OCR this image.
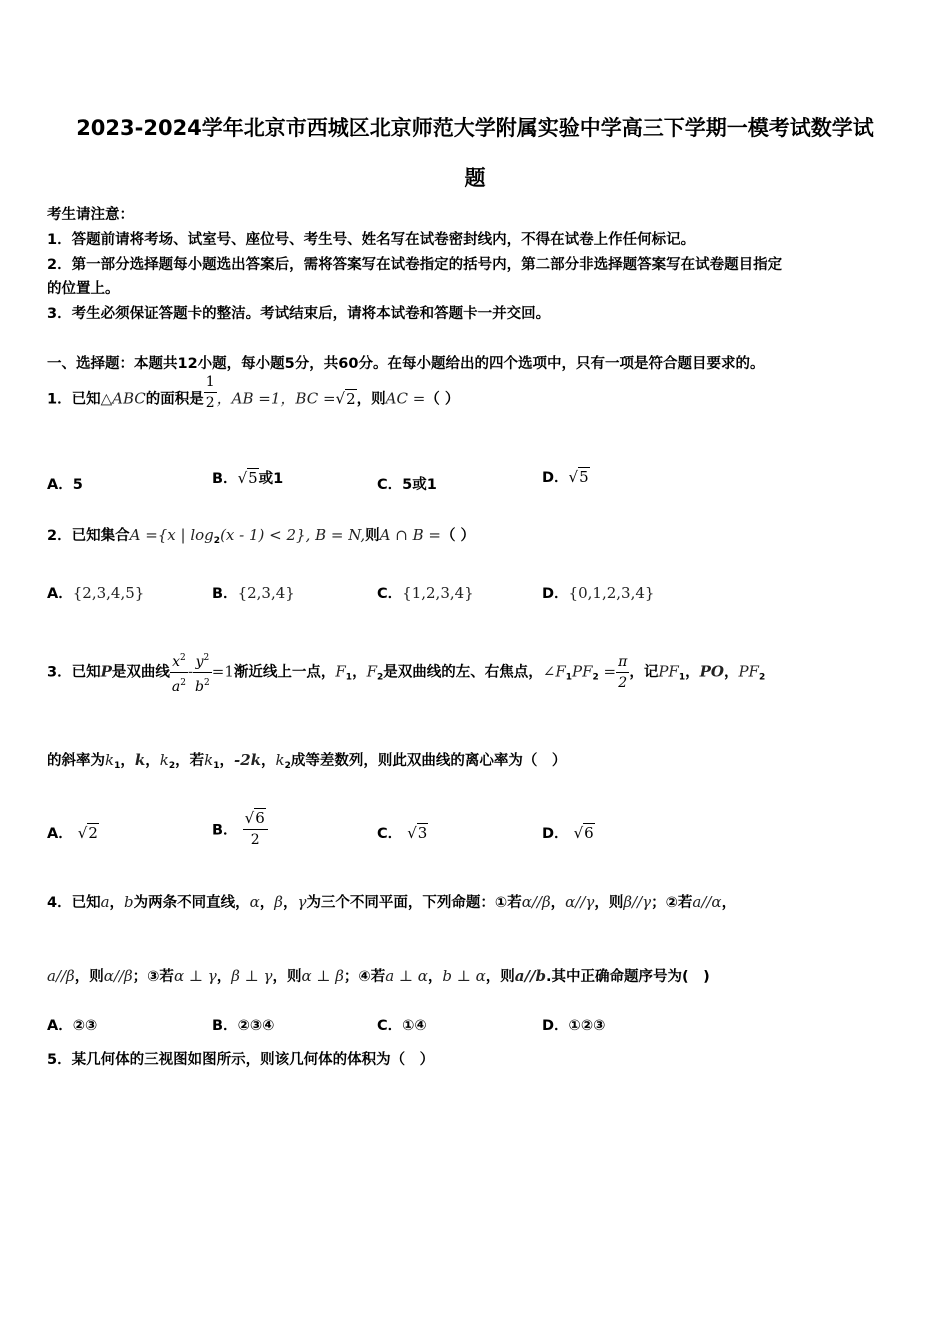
2023-2024学年北京市西城区北京师范大学附属实验中学高三下学期一模考试数学试
题
考生请注意：
1．答题前请将考场、试室号、座位号、考生号、姓名写在试卷密封线内，不得在试卷上作任何标记。
2．第一部分选择题每小题选出答案后，需将答案写在试卷指定的括号内，第二部分非选择题答案写在试卷题目指定
的位置上。
3．考生必须保证答题卡的整洁。考试结束后，请将本试卷和答题卡一并交回。
一、选择题：本题共12小题，每小题5分，共60分。在每小题给出的四个选项中，只有一项是符合题目要求的。
1．已知△ABC的面积是 $\frac{1}{2}$ ，AB =1，BC =√2，则AC =（ ）
A．5	B．√5或1	C．5或1	D．√5
2．已知集合A ={x | $\log_2(x - 1) < 2$}, B = N,则A ∩ B =（ ）
A．{2,3,4,5}	B．{2,3,4}	C．{1,2,3,4}	D．{0,1,2,3,4}
3．已知P是双曲线 $\frac{x^2}{a^2} - \frac{y^2}{b^2} =1$渐近线上一点，$F_1$，$F_2$是双曲线的左、右焦点，$\angle F_1PF_2 = \frac{\pi}{2}$ ，记$PF_1$，PO，$PF_2$
的斜率为$k_1$，k，$k_2$，若$k_1$，-2k，$k_2$成等差数列，则此双曲线的离心率为（　）
A． √2	B． $\frac{√6}{2}$	C． √3	D． √6
4．已知a，b为两条不同直线，α，β，γ为三个不同平面，下列命题：①若α//β，α//γ，则β//γ；②若a//α，
a//β，则α//β；③若α ⊥ γ，β ⊥ γ，则α ⊥ β；④若a ⊥ α，b ⊥ α，则a//b.其中正确命题序号为(　)
A．②③	B．②③④	C．①④	D．①②③
5．某几何体的三视图如图所示，则该几何体的体积为（　）
